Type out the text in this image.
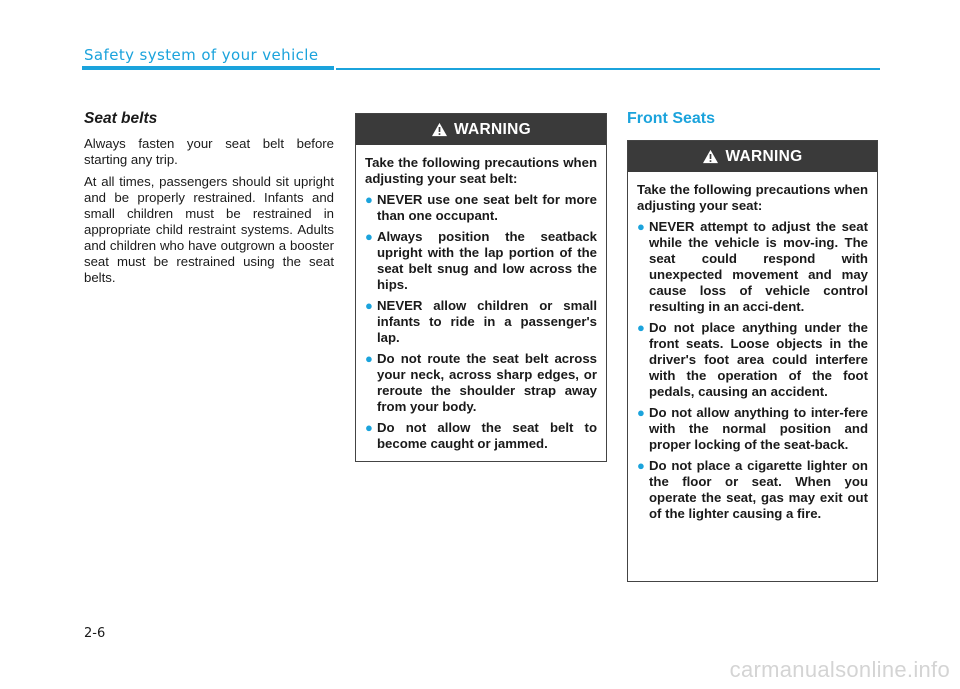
Safety system of your vehicle
Seat belts

Always fasten your seat belt before starting any trip.

At all times, passengers should sit upright and be properly restrained. Infants and small children must be restrained in appropriate child restraint systems. Adults and children who have outgrown a booster seat must be restrained using the seat belts.

WARNING

Take the following precautions when adjusting your seat belt:

● NEVER use one seat belt for more than one occupant.
● Always position the seatback upright with the lap portion of the seat belt snug and low across the hips.
● NEVER allow children or small infants to ride in a passenger's lap.
● Do not route the seat belt across your neck, across sharp edges, or reroute the shoulder strap away from your body.
● Do not allow the seat belt to become caught or jammed.
Front Seats
WARNING

Take the following precautions when adjusting your seat:

● NEVER attempt to adjust the seat while the vehicle is mov-ing. The seat could respond with unexpected movement and may cause loss of vehicle control resulting in an acci-dent.
● Do not place anything under the front seats. Loose objects in the driver's foot area could interfere with the operation of the foot pedals, causing an accident.
● Do not allow anything to inter-fere with the normal position and proper locking of the seat-back.
● Do not place a cigarette lighter on the floor or seat. When you operate the seat, gas may exit out of the lighter causing a fire.
2-6
carmanualsonline.info
